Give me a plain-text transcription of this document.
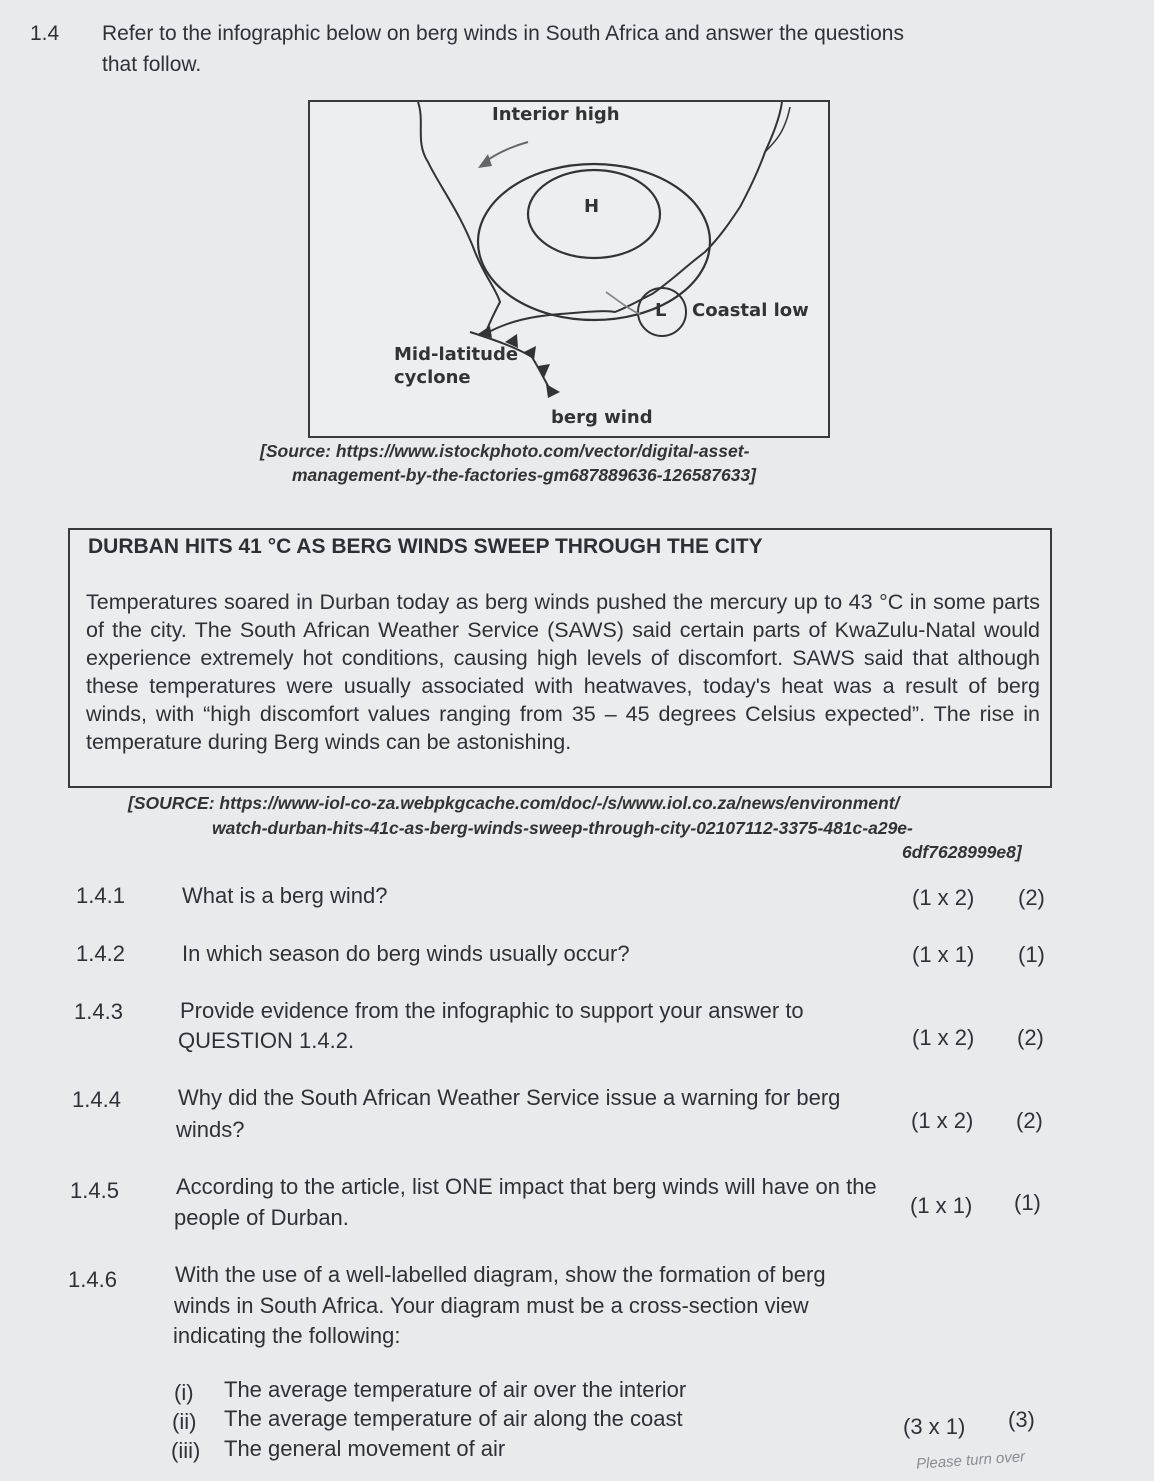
1.4 Refer to the infographic below on berg winds in South Africa and answer the questions
that follow.
Interior high
H
L Coastal low
Mid-latitude
cyclone
berg wind
[Source: https://www.istockphoto.com/vector/digital-asset-
management-by-the-factories-gm687889636-126587633]
DURBAN HITS 41 °C AS BERG WINDS SWEEP THROUGH THE CITY
Temperatures soared in Durban today as berg winds pushed the mercury up to 43 °C in some parts of the city. The South African Weather Service (SAWS) said certain parts of KwaZulu-Natal would experience extremely hot conditions, causing high levels of discomfort. SAWS said that although these temperatures were usually associated with heatwaves, today's heat was a result of berg winds, with “high discomfort values ranging from 35 – 45 degrees Celsius expected”. The rise in temperature during Berg winds can be astonishing.
[SOURCE: https://www-iol-co-za.webpkgcache.com/doc/-/s/www.iol.co.za/news/environment/
watch-durban-hits-41c-as-berg-winds-sweep-through-city-02107112-3375-481c-a29e-
6df7628999e8]
1.4.1	What is a berg wind?	(1 x 2) (2)
1.4.2	In which season do berg winds usually occur?	(1 x 1) (1)
1.4.3	Provide evidence from the infographic to support your answer to
QUESTION 1.4.2.	(1 x 2) (2)
1.4.4	Why did the South African Weather Service issue a warning for berg
winds?	(1 x 2) (2)
1.4.5	According to the article, list ONE impact that berg winds will have on the
people of Durban.	(1 x 1) (1)
1.4.6	With the use of a well-labelled diagram, show the formation of berg
winds in South Africa. Your diagram must be a cross-section view
indicating the following:
(i) The average temperature of air over the interior
(ii) The average temperature of air along the coast
(iii) The general movement of air
(3 x 1) (3)
Please turn over
